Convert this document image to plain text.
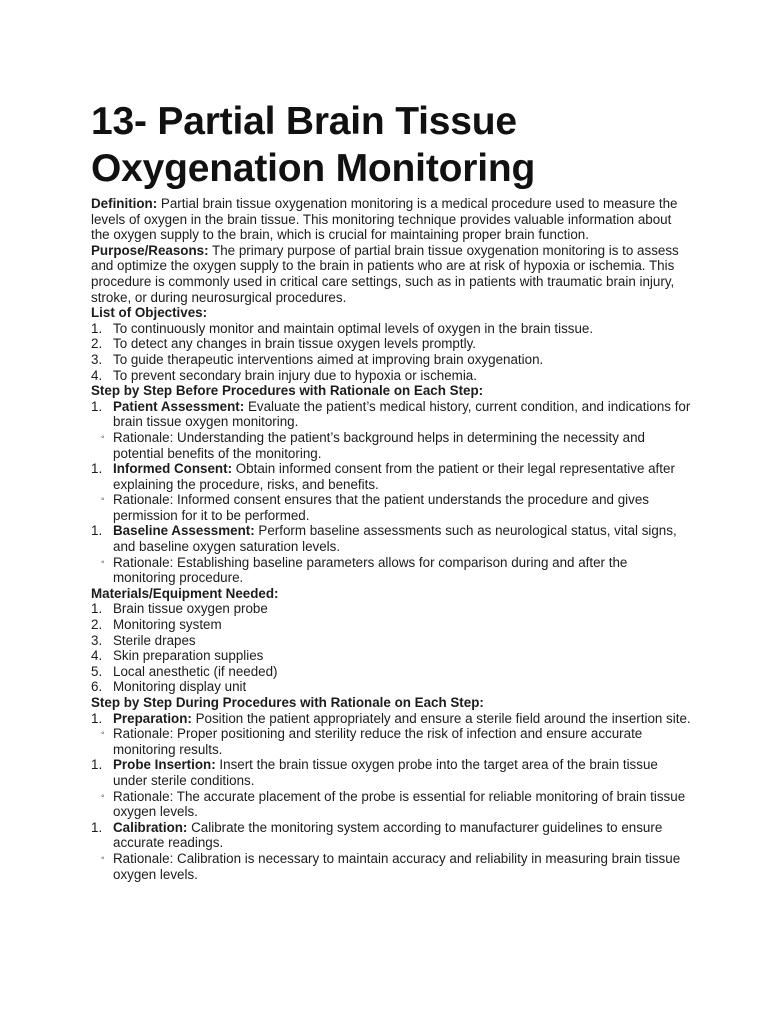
13- Partial Brain Tissue
Oxygenation Monitoring

Definition: Partial brain tissue oxygenation monitoring is a medical procedure used to measure the levels of oxygen in the brain tissue. This monitoring technique provides valuable information about the oxygen supply to the brain, which is crucial for maintaining proper brain function.

Purpose/Reasons: The primary purpose of partial brain tissue oxygenation monitoring is to assess and optimize the oxygen supply to the brain in patients who are at risk of hypoxia or ischemia. This procedure is commonly used in critical care settings, such as in patients with traumatic brain injury, stroke, or during neurosurgical procedures.

List of Objectives:

1. To continuously monitor and maintain optimal levels of oxygen in the brain tissue.
2. To detect any changes in brain tissue oxygen levels promptly.
3. To guide therapeutic interventions aimed at improving brain oxygenation.
4. To prevent secondary brain injury due to hypoxia or ischemia.

Step by Step Before Procedures with Rationale on Each Step:

1. Patient Assessment: Evaluate the patient’s medical history, current condition, and indications for brain tissue oxygen monitoring.
◦ Rationale: Understanding the patient’s background helps in determining the necessity and potential benefits of the monitoring.
1. Informed Consent: Obtain informed consent from the patient or their legal representative after explaining the procedure, risks, and benefits.
◦ Rationale: Informed consent ensures that the patient understands the procedure and gives permission for it to be performed.
1. Baseline Assessment: Perform baseline assessments such as neurological status, vital signs, and baseline oxygen saturation levels.
◦ Rationale: Establishing baseline parameters allows for comparison during and after the monitoring procedure.

Materials/Equipment Needed:

1. Brain tissue oxygen probe
2. Monitoring system
3. Sterile drapes
4. Skin preparation supplies
5. Local anesthetic (if needed)
6. Monitoring display unit

Step by Step During Procedures with Rationale on Each Step:

1. Preparation: Position the patient appropriately and ensure a sterile field around the insertion site.
◦ Rationale: Proper positioning and sterility reduce the risk of infection and ensure accurate monitoring results.
1. Probe Insertion: Insert the brain tissue oxygen probe into the target area of the brain tissue under sterile conditions.
◦ Rationale: The accurate placement of the probe is essential for reliable monitoring of brain tissue oxygen levels.
1. Calibration: Calibrate the monitoring system according to manufacturer guidelines to ensure accurate readings.
◦ Rationale: Calibration is necessary to maintain accuracy and reliability in measuring brain tissue oxygen levels.
